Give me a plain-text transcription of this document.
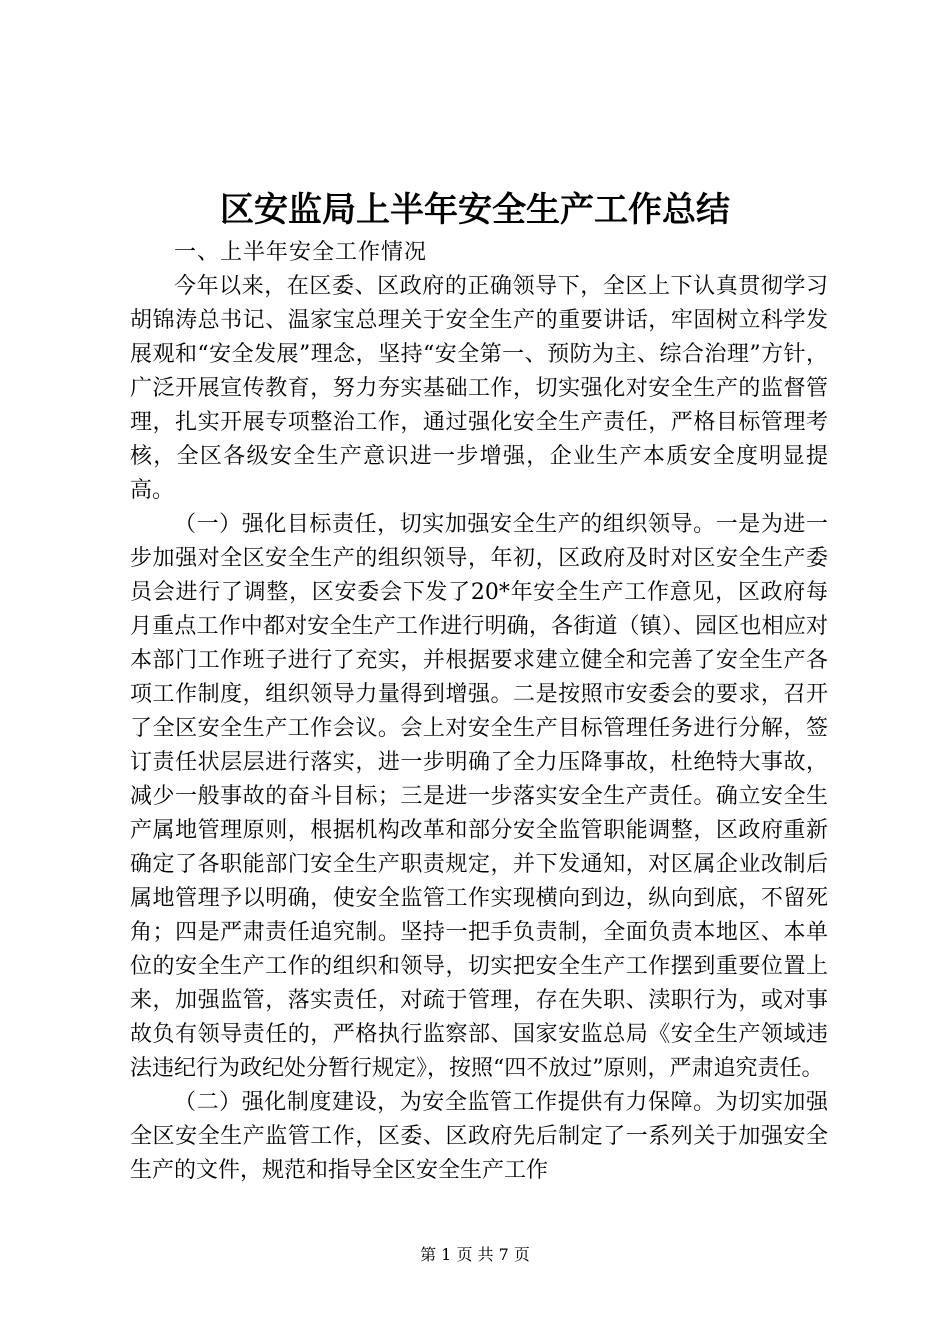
区安监局上半年安全生产工作总结

一、上半年安全工作情况

今年以来，在区委、区政府的正确领导下，全区上下认真贯彻学习胡锦涛总书记、温家宝总理关于安全生产的重要讲话，牢固树立科学发展观和“安全发展”理念，坚持“安全第一、预防为主、综合治理”方针，广泛开展宣传教育，努力夯实基础工作，切实强化对安全生产的监督管理，扎实开展专项整治工作，通过强化安全生产责任，严格目标管理考核，全区各级安全生产意识进一步增强，企业生产本质安全度明显提高。

（一）强化目标责任，切实加强安全生产的组织领导。一是为进一步加强对全区安全生产的组织领导，年初，区政府及时对区安全生产委员会进行了调整，区安委会下发了20*年安全生产工作意见，区政府每月重点工作中都对安全生产工作进行明确，各街道（镇）、园区也相应对本部门工作班子进行了充实，并根据要求建立健全和完善了安全生产各项工作制度，组织领导力量得到增强。二是按照市安委会的要求，召开了全区安全生产工作会议。会上对安全生产目标管理任务进行分解，签订责任状层层进行落实，进一步明确了全力压降事故，杜绝特大事故，减少一般事故的奋斗目标；三是进一步落实安全生产责任。确立安全生产属地管理原则，根据机构改革和部分安全监管职能调整，区政府重新确定了各职能部门安全生产职责规定，并下发通知，对区属企业改制后属地管理予以明确，使安全监管工作实现横向到边，纵向到底，不留死角；四是严肃责任追究制。坚持一把手负责制，全面负责本地区、本单位的安全生产工作的组织和领导，切实把安全生产工作摆到重要位置上来，加强监管，落实责任，对疏于管理，存在失职、渎职行为，或对事故负有领导责任的，严格执行监察部、国家安监总局《安全生产领域违法违纪行为政纪处分暂行规定》，按照“四不放过”原则，严肃追究责任。

（二）强化制度建设，为安全监管工作提供有力保障。为切实加强全区安全生产监管工作，区委、区政府先后制定了一系列关于加强安全生产的文件，规范和指导全区安全生产工作

第 1 页 共 7 页
